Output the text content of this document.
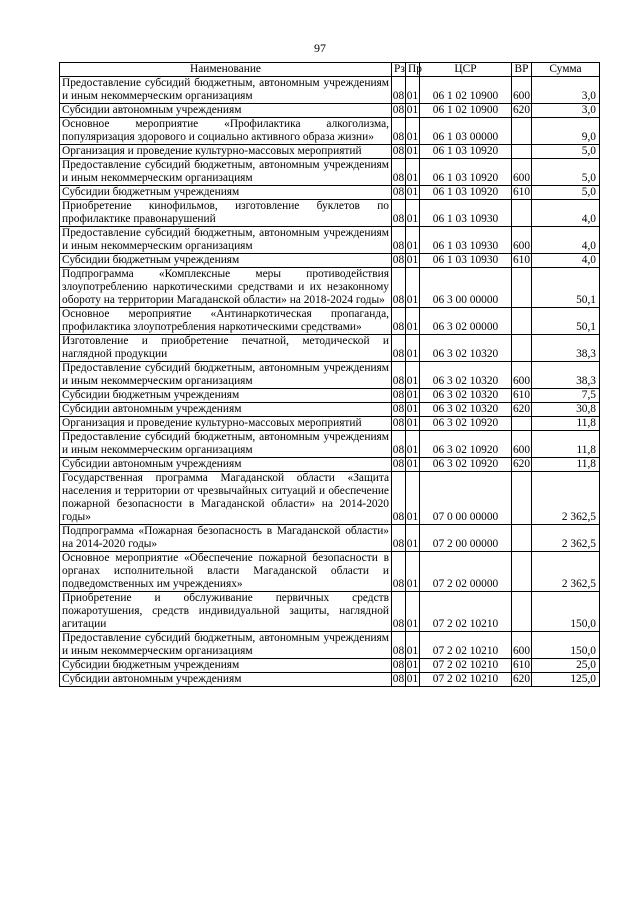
97
Наименование	Рз	Пр	ЦСР	ВР	Сумма
Предоставление субсидий бюджетным, автономным учреждениям и иным некоммерческим организациям	08	01	06 1 02 10900	600	3,0
Субсидии автономным учреждениям	08	01	06 1 02 10900	620	3,0
Основное мероприятие «Профилактика алкоголизма, популяризация здорового и социально активного образа жизни»	08	01	06 1 03 00000		9,0
Организация и проведение культурно-массовых мероприятий	08	01	06 1 03 10920		5,0
Предоставление субсидий бюджетным, автономным учреждениям и иным некоммерческим организациям	08	01	06 1 03 10920	600	5,0
Субсидии бюджетным учреждениям	08	01	06 1 03 10920	610	5,0
Приобретение кинофильмов, изготовление буклетов по профилактике правонарушений	08	01	06 1 03 10930		4,0
Предоставление субсидий бюджетным, автономным учреждениям и иным некоммерческим организациям	08	01	06 1 03 10930	600	4,0
Субсидии бюджетным учреждениям	08	01	06 1 03 10930	610	4,0
Подпрограмма «Комплексные меры противодействия злоупотреблению наркотическими средствами и их незаконному обороту на территории Магаданской области» на 2018-2024 годы»	08	01	06 3 00 00000		50,1
Основное мероприятие «Антинаркотическая пропаганда, профилактика злоупотребления наркотическими средствами»	08	01	06 3 02 00000		50,1
Изготовление и приобретение печатной, методической и наглядной продукции	08	01	06 3 02 10320		38,3
Предоставление субсидий бюджетным, автономным учреждениям и иным некоммерческим организациям	08	01	06 3 02 10320	600	38,3
Субсидии бюджетным учреждениям	08	01	06 3 02 10320	610	7,5
Субсидии автономным учреждениям	08	01	06 3 02 10320	620	30,8
Организация и проведение культурно-массовых мероприятий	08	01	06 3 02 10920		11,8
Предоставление субсидий бюджетным, автономным учреждениям и иным некоммерческим организациям	08	01	06 3 02 10920	600	11,8
Субсидии автономным учреждениям	08	01	06 3 02 10920	620	11,8
Государственная программа Магаданской области «Защита населения и территории от чрезвычайных ситуаций и обеспечение пожарной безопасности в Магаданской области» на 2014-2020 годы»	08	01	07 0 00 00000		2 362,5
Подпрограмма «Пожарная безопасность в Магаданской области» на 2014-2020 годы»	08	01	07 2 00 00000		2 362,5
Основное мероприятие «Обеспечение пожарной безопасности в органах исполнительной власти Магаданской области и подведомственных им учреждениях»	08	01	07 2 02 00000		2 362,5
Приобретение и обслуживание первичных средств пожаротушения, средств индивидуальной защиты, наглядной агитации	08	01	07 2 02 10210		150,0
Предоставление субсидий бюджетным, автономным учреждениям и иным некоммерческим организациям	08	01	07 2 02 10210	600	150,0
Субсидии бюджетным учреждениям	08	01	07 2 02 10210	610	25,0
Субсидии автономным учреждениям	08	01	07 2 02 10210	620	125,0
